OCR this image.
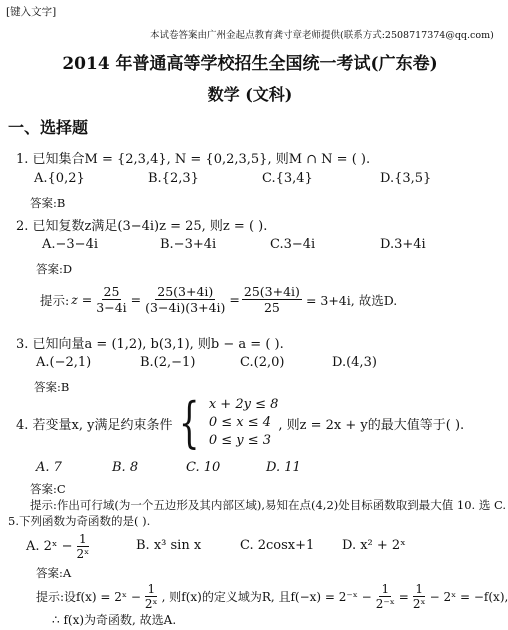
[键入文字]
本试卷答案由广州金起点教育龚寸章老师提供(联系方式:2508717374@qq.com)
2014 年普通高等学校招生全国统一考试(广东卷)
数学 (文科)
一、选择题
1. 已知集合M = {2,3,4}, N = {0,2,3,5}, 则M ∩ N = ( ).
A.{0,2}	B.{2,3}	C.{3,4}	D.{3,5}
答案:B
2. 已知复数z满足(3−4i)z = 25, 则z = ( ).
A.−3−4i	B.−3+4i	C.3−4i	D.3+4i
答案:D
提示: $z = \frac{25}{3-4i} = \frac{25(3+4i)}{(3-4i)(3+4i)} = \frac{25(3+4i)}{25} = 3+4i$, 故选D.
3. 已知向量a = (1,2), b(3,1), 则b − a = ( ).
A.(−2,1)	B.(2,−1)	C.(2,0)	D.(4,3)
答案:B
4. 若变量x, y满足约束条件 { x + 2y ≤ 8
0 ≤ x ≤ 4
0 ≤ y ≤ 3
, 则z = 2x + y的最大值等于( ).
A. 7	B. 8	C. 10	D. 11
答案:C
提示:作出可行域(为一个五边形及其内部区域),易知在点(4,2)处目标函数取到最大值 10. 选 C.
5.下列函数为奇函数的是( ).
A. 2ˣ − $\frac{1}{\text{2ˣ}}$	B. x³ sin x	C. 2cosx+1 D. x² + 2ˣ
答案:A
提示:设f(x) = 2ˣ − $\frac{1}{\text{2ˣ}}$ , 则f(x)的定义域为R, 且f(−x) = 2⁻ˣ − $\frac{1}{\text{2⁻ˣ}} = \frac{1}{\text{2ˣ}}$ − 2ˣ = −f(x),
∴ f(x)为奇函数, 故选A.
